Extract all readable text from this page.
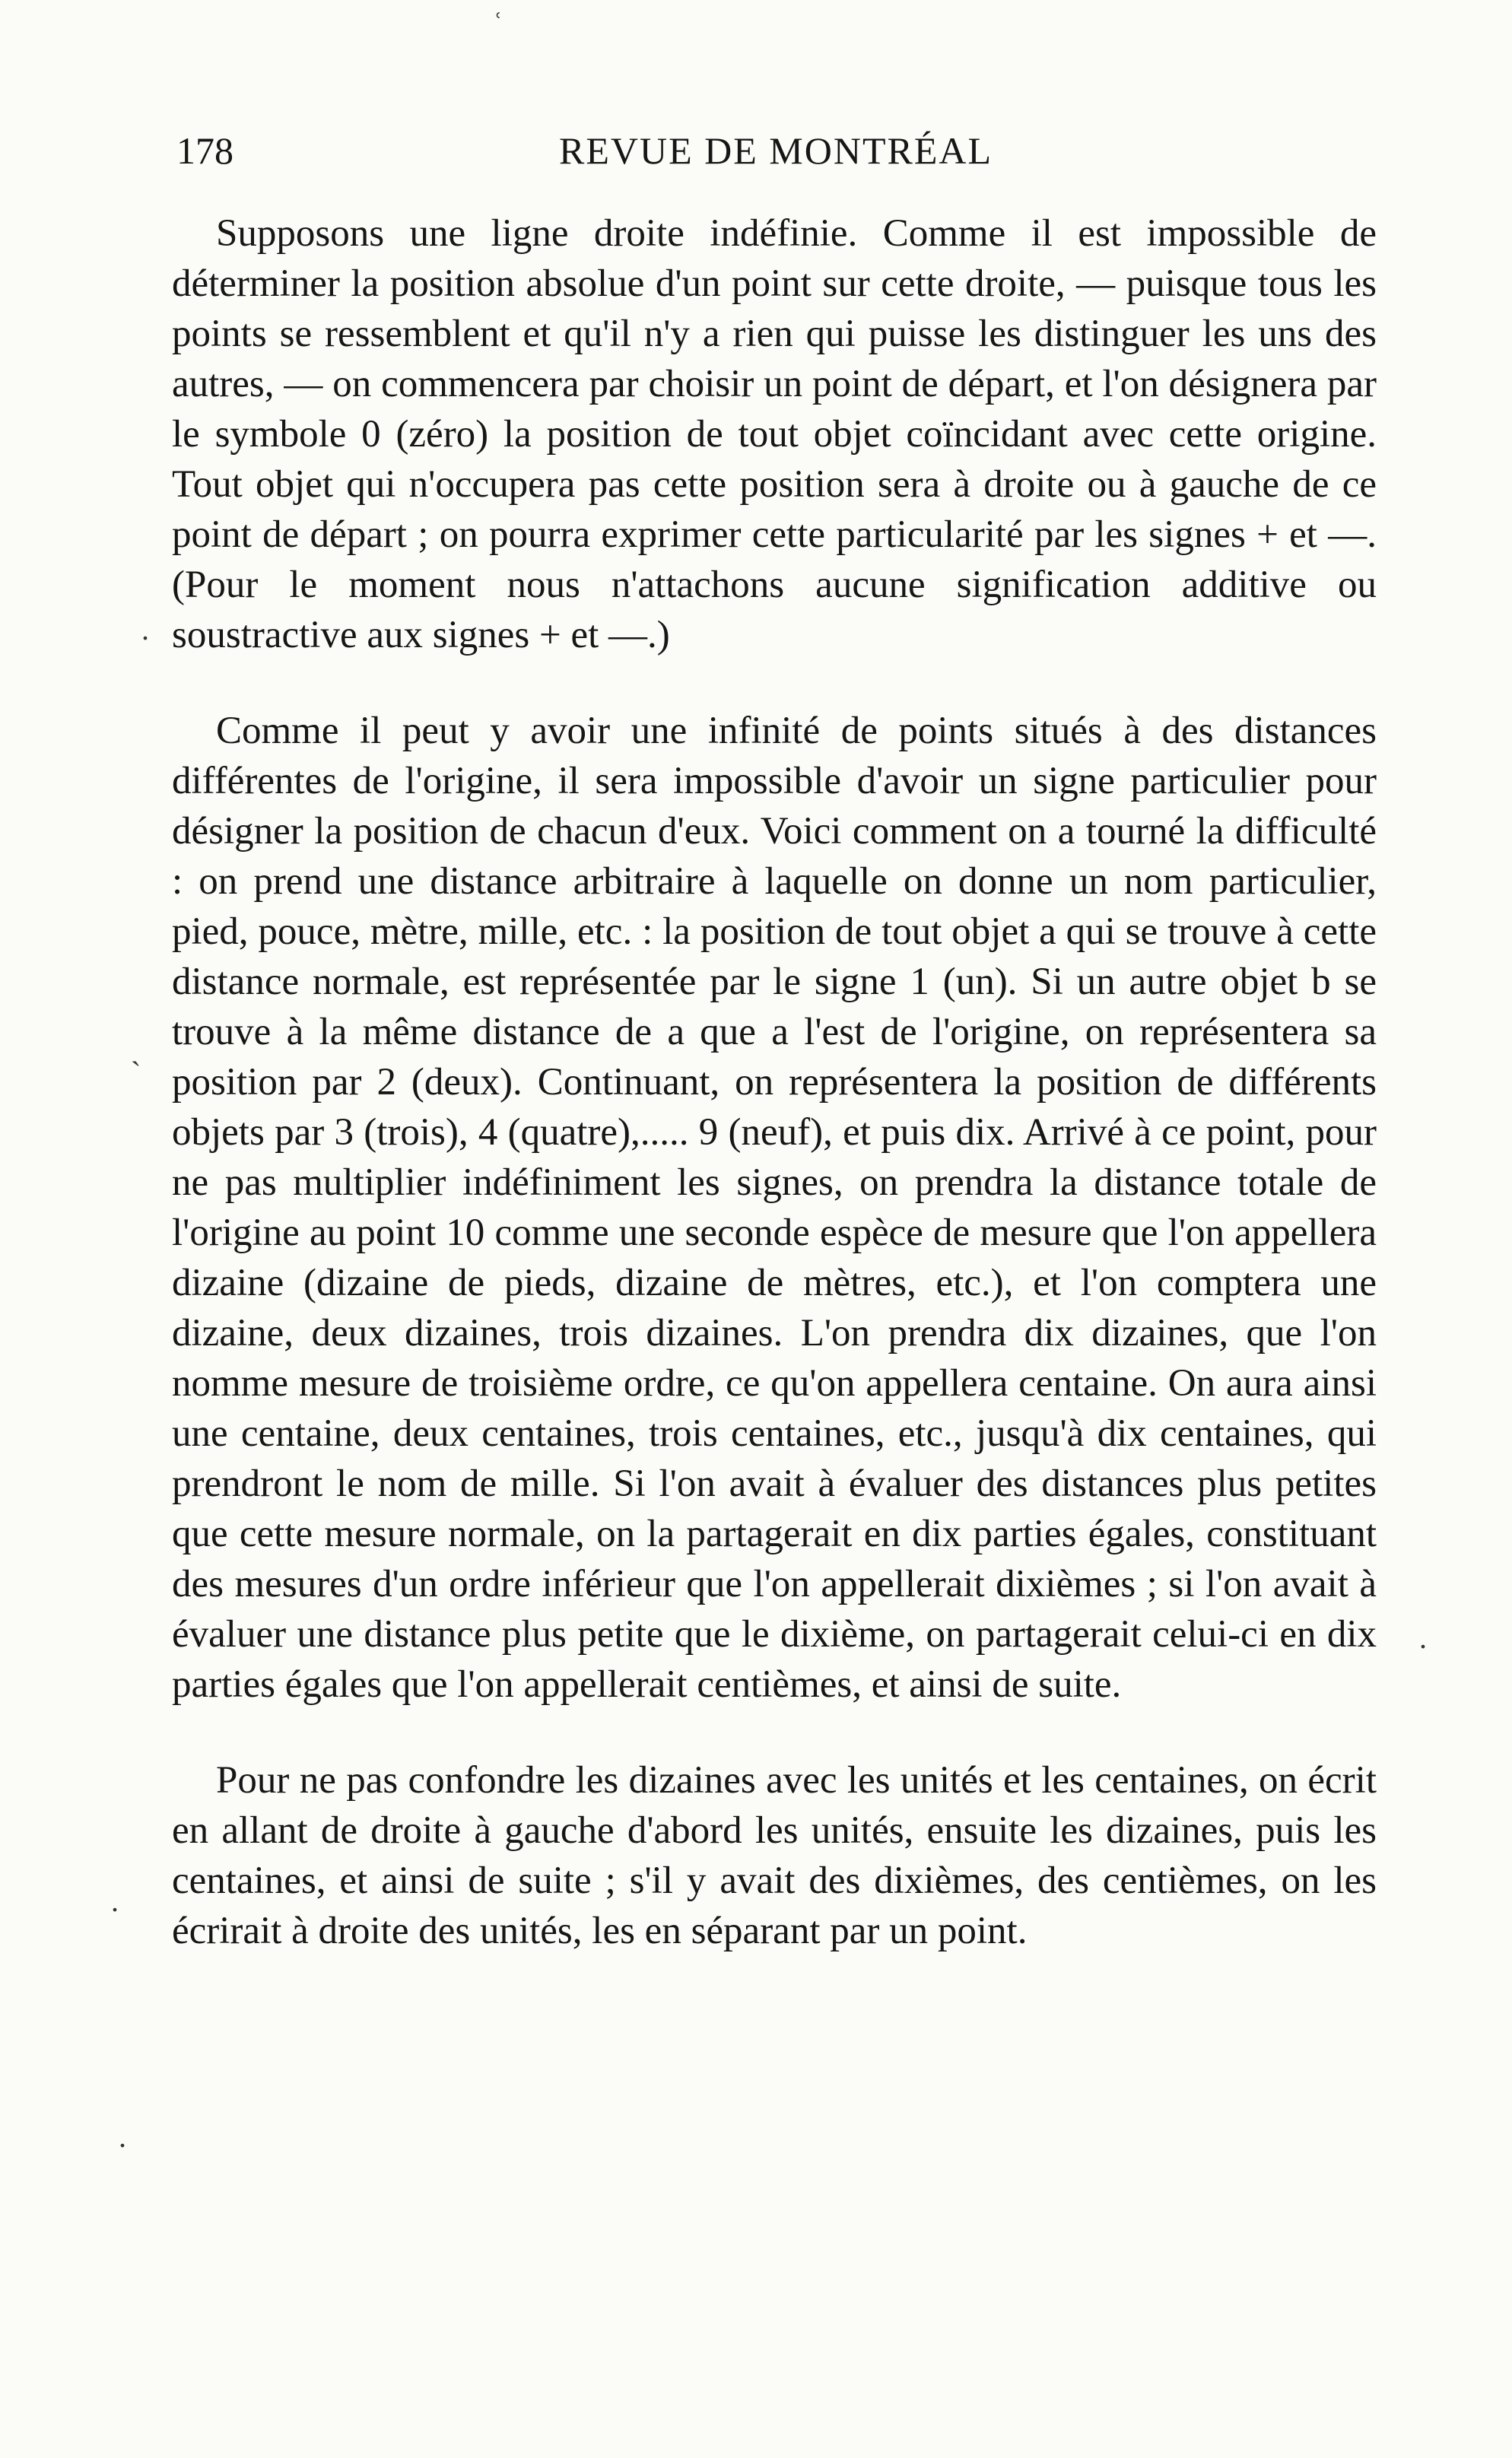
178	REVUE DE MONTRÉAL

Supposons une ligne droite indéfinie. Comme il est impossible de déterminer la position absolue d'un point sur cette droite, — puisque tous les points se ressemblent et qu'il n'y a rien qui puisse les distinguer les uns des autres, — on commencera par choisir un point de départ, et l'on désignera par le symbole 0 (zéro) la position de tout objet coïncidant avec cette origine. Tout objet qui n'occupera pas cette position sera à droite ou à gauche de ce point de départ ; on pourra exprimer cette particularité par les signes + et —. (Pour le moment nous n'attachons aucune signification additive ou soustractive aux signes + et —.)

Comme il peut y avoir une infinité de points situés à des distances différentes de l'origine, il sera impossible d'avoir un signe particulier pour désigner la position de chacun d'eux. Voici comment on a tourné la difficulté : on prend une distance arbitraire à laquelle on donne un nom particulier, pied, pouce, mètre, mille, etc. : la position de tout objet a qui se trouve à cette distance normale, est représentée par le signe 1 (un). Si un autre objet b se trouve à la même distance de a que a l'est de l'origine, on représentera sa position par 2 (deux). Continuant, on représentera la position de différents objets par 3 (trois), 4 (quatre),..... 9 (neuf), et puis dix. Arrivé à ce point, pour ne pas multiplier indéfiniment les signes, on prendra la distance totale de l'origine au point 10 comme une seconde espèce de mesure que l'on appellera dizaine (dizaine de pieds, dizaine de mètres, etc.), et l'on comptera une dizaine, deux dizaines, trois dizaines. L'on prendra dix dizaines, que l'on nomme mesure de troisième ordre, ce qu'on appellera centaine. On aura ainsi une centaine, deux centaines, trois centaines, etc., jusqu'à dix centaines, qui prendront le nom de mille. Si l'on avait à évaluer des distances plus petites que cette mesure normale, on la partagerait en dix parties égales, constituant des mesures d'un ordre inférieur que l'on appellerait dixièmes ; si l'on avait à évaluer une distance plus petite que le dixième, on partagerait celui-ci en dix parties égales que l'on appellerait centièmes, et ainsi de suite.

Pour ne pas confondre les dizaines avec les unités et les centaines, on écrit en allant de droite à gauche d'abord les unités, ensuite les dizaines, puis les centaines, et ainsi de suite ; s'il y avait des dixièmes, des centièmes, on les écrirait à droite des unités, les en séparant par un point.

ʿ
.
ˏ
.
.
.
